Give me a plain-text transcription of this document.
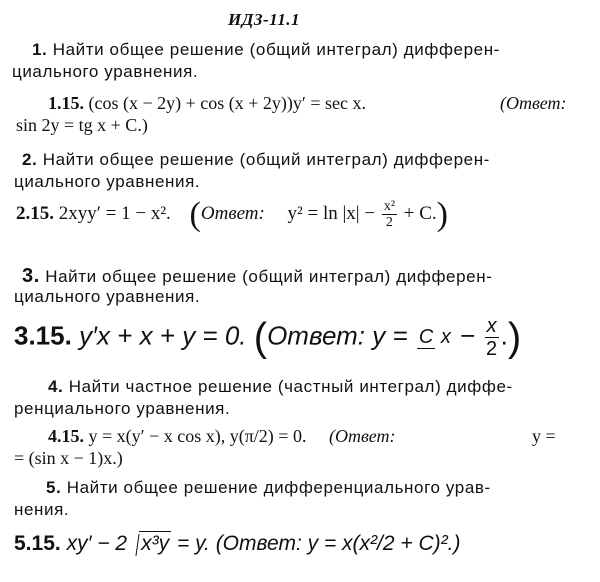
ИДЗ-11.1
1. Найти общее решение (общий интеграл) дифферен-
циального уравнения.
1.15. (cos (x − 2y) + cos (x + 2y))y′ = sec x.	(Ответ:
sin 2y = tg x + C.)
2. Найти общее решение (общий интеграл) дифферен-
циального уравнения.
2.15. 2xyy′ = 1 − x². (Ответ: $y^2 = \ln |x| - \frac{\text{x²}}{2} + C$.)
3. Найти общее решение (общий интеграл) дифферен-
циального уравнения.
3.15. y′x + x + y = 0. (Ответ: y = C $x - \frac{x}{2}$ .)
4. Найти частное решение (частный интеграл) диффе-
ренциального уравнения.
4.15. y = x(y′ − x cos x), y(π/2) = 0. (Ответ:	y =
= (sin x − 1)x.)
5. Найти общее решение дифференциального урав-
нения.
5.15. xy′ − 2 x³y = y. (Ответ: y = x(x²/2 + C)².)
